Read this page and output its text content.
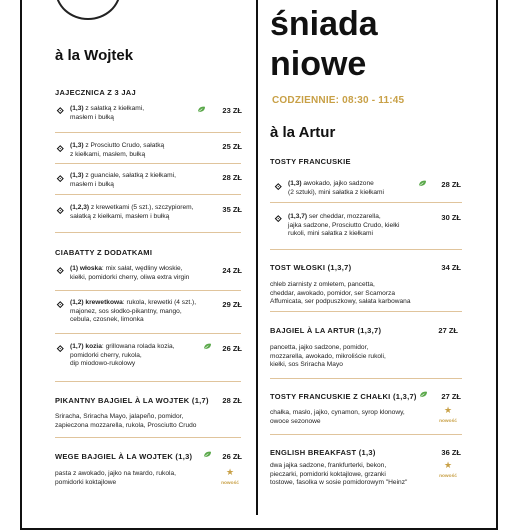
à la Wojtek
JAJECZNICA Z 3 JAJ
(1,3) z sałatką z kiełkami,
masłem i bułką
23 ZŁ
(1,3) z Prosciutto Crudo, sałatką
z kiełkami, masłem, bułką
25 ZŁ
(1,3) z guanciale, sałatką z kiełkami,
masłem i bułką
28 ZŁ
(1,2,3) z krewetkami (5 szt.), szczypiorem,
sałatką z kiełkami, masłem i bułką
35 ZŁ
CIABATTY Z DODATKAMI
(1) włoska: mix sałat, wędliny włoskie,
kiełki, pomidorki cherry, oliwa extra virgin
24 ZŁ
(1,2) krewetkowa: rukola, krewetki (4 szt.),
majonez, sos słodko-pikantny, mango,
cebula, czosnek, limonka
29 ZŁ
(1,7) kozia: grillowana rolada kozia,
pomidorki cherry, rukola,
dip miodowo-rukolowy
26 ZŁ
PIKANTNY BAJGIEL À LA WOJTEK (1,7)	28 ZŁ
Sriracha, Sriracha Mayo, jalapeño, pomidor,
zapieczona mozzarella, rukola, Prosciutto Crudo
WEGE BAJGIEL À LA WOJTEK (1,3)	26 ZŁ
pasta z awokado, jajko na twardo, rukola,
pomidorki koktajlowe
★
nowość
śniada
niowe
CODZIENNIE: 08:30 - 11:45
à la Artur
TOSTY FRANCUSKIE
(1,3) awokado, jajko sadzone
(2 sztuki), mini sałatka z kiełkami
28 ZŁ
(1,3,7) ser cheddar, mozzarella,
jajka sadzone, Prosciutto Crudo, kiełki
rukoli, mini sałatka z kiełkami
30 ZŁ
TOST WŁOSKI (1,3,7)	34 ZŁ
chleb ziarnisty z omletem, pancetta,
cheddar, awokado, pomidor, ser Scamorza
Affumicata, ser podpuszkowy, sałata karbowana
BAJGIEL À LA ARTUR (1,3,7)	27 ZŁ
pancetta, jajko sadzone, pomidor,
mozzarella, awokado, mikroliście rukoli,
kiełki, sos Sriracha Mayo
TOSTY FRANCUSKIE Z CHAŁKI (1,3,7)	27 ZŁ
chałka, masło, jajko, cynamon, syrop klonowy,
owoce sezonowe
★
nowość
ENGLISH BREAKFAST (1,3)	36 ZŁ
dwa jajka sadzone, frankfurterki, bekon,
pieczarki, pomidorki koktajlowe, grzanki
tostowe, fasolka w sosie pomidorowym "Heinz"
★
nowość
